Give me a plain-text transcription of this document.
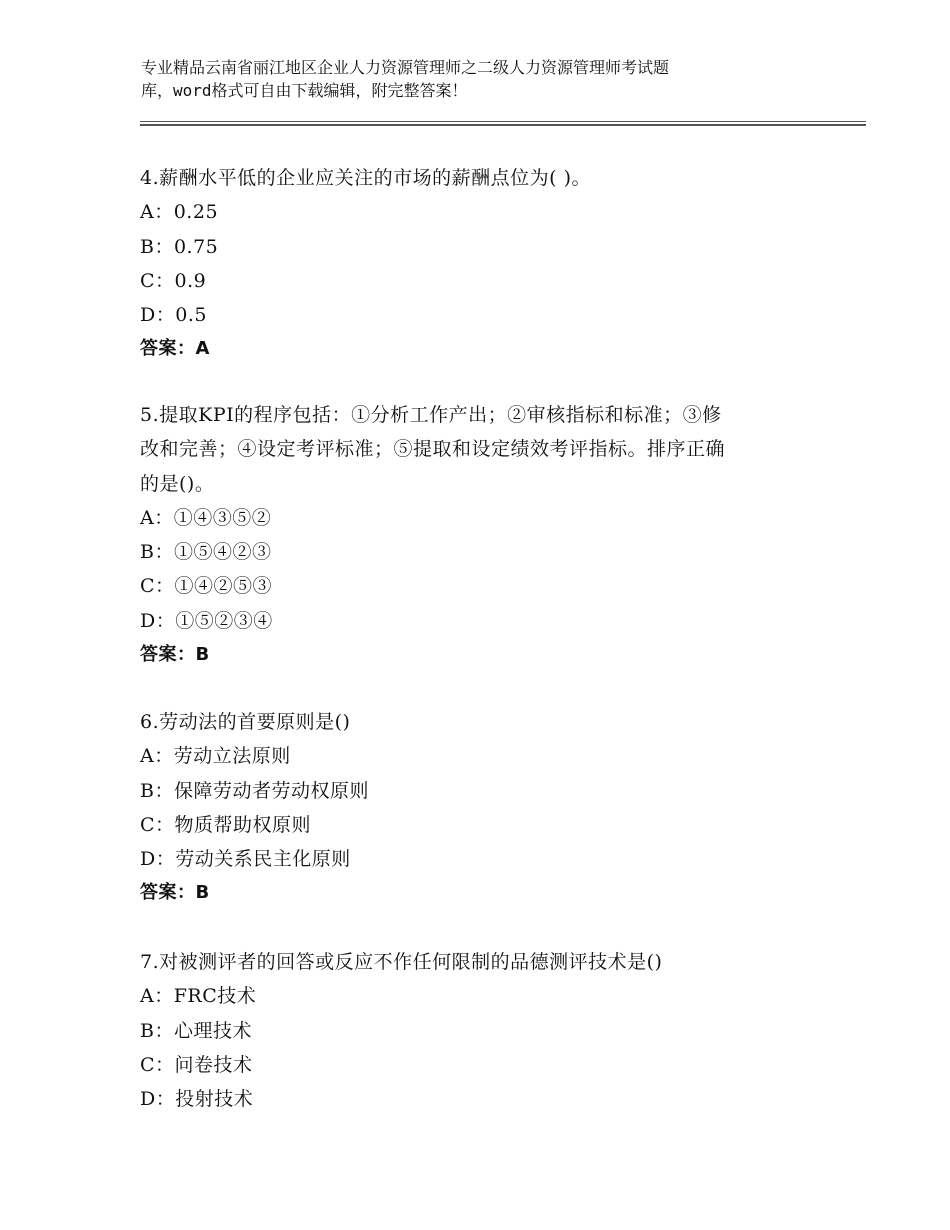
专业精品云南省丽江地区企业人力资源管理师之二级人力资源管理师考试题
库，word格式可自由下载编辑，附完整答案！
4.薪酬水平低的企业应关注的市场的薪酬点位为( )。
A：0.25
B：0.75
C：0.9
D：0.5
答案：A
5.提取KPI的程序包括：①分析工作产出；②审核指标和标准；③修
改和完善；④设定考评标准；⑤提取和设定绩效考评指标。排序正确
的是()。
A：①④③⑤②
B：①⑤④②③
C：①④②⑤③
D：①⑤②③④
答案：B
6.劳动法的首要原则是()
A：劳动立法原则
B：保障劳动者劳动权原则
C：物质帮助权原则
D：劳动关系民主化原则
答案：B
7.对被测评者的回答或反应不作任何限制的品德测评技术是()
A：FRC技术
B：心理技术
C：问卷技术
D：投射技术
